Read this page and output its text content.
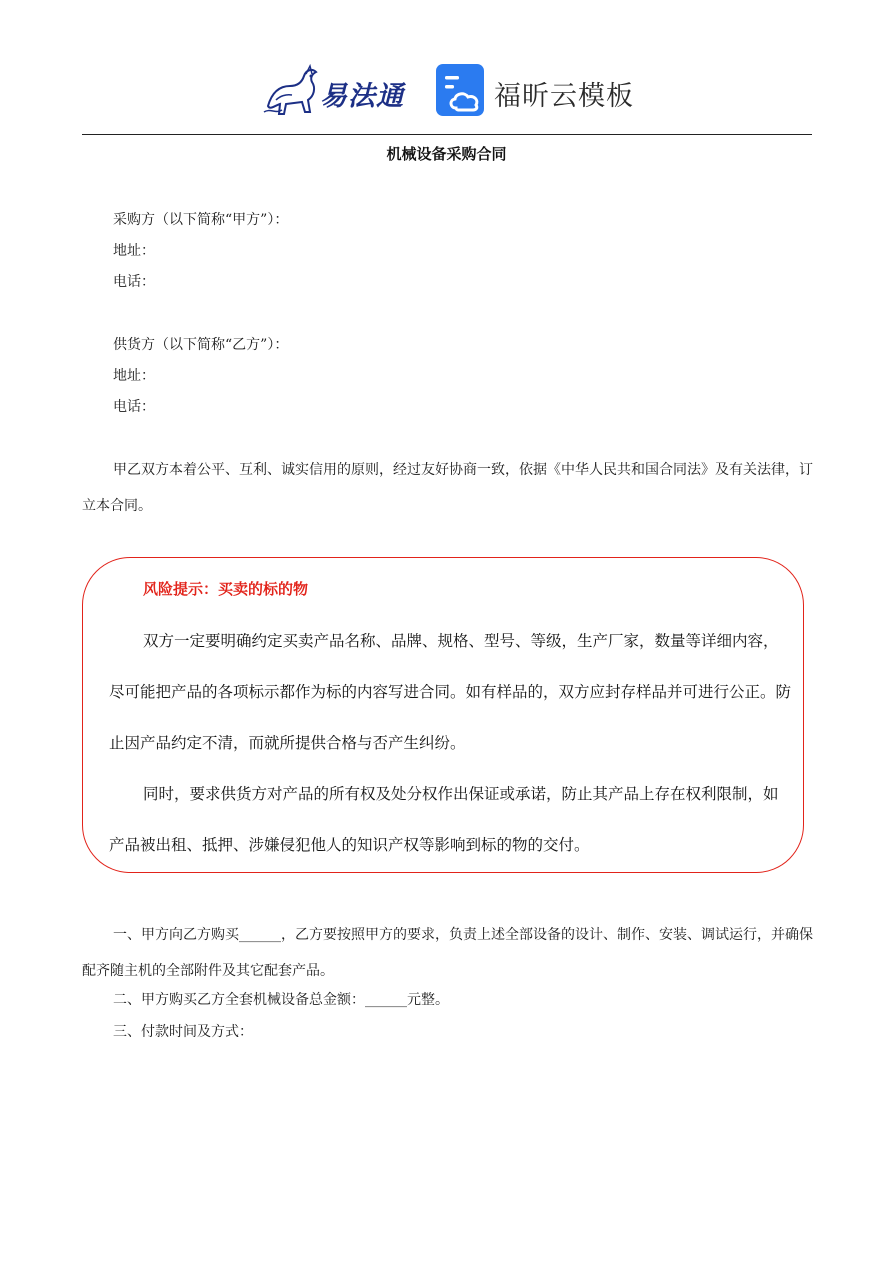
易法通	福昕云模板
机械设备采购合同
采购方（以下简称“甲方”）：
地址：
电话：
供货方（以下简称“乙方”）：
地址：
电话：
甲乙双方本着公平、互利、诚实信用的原则，经过友好协商一致，依据《中华人民共和国合同法》及有关法律，订立本合同。
风险提示：买卖的标的物

双方一定要明确约定买卖产品名称、品牌、规格、型号、等级，生产厂家，数量等详细内容，尽可能把产品的各项标示都作为标的内容写进合同。如有样品的，双方应封存样品并可进行公正。防止因产品约定不清，而就所提供合格与否产生纠纷。

同时，要求供货方对产品的所有权及处分权作出保证或承诺，防止其产品上存在权利限制，如产品被出租、抵押、涉嫌侵犯他人的知识产权等影响到标的物的交付。

一、甲方向乙方购买______，乙方要按照甲方的要求，负责上述全部设备的设计、制作、安装、调试运行，并确保配齐随主机的全部附件及其它配套产品。
二、甲方购买乙方全套机械设备总金额：______元整。
三、付款时间及方式：
